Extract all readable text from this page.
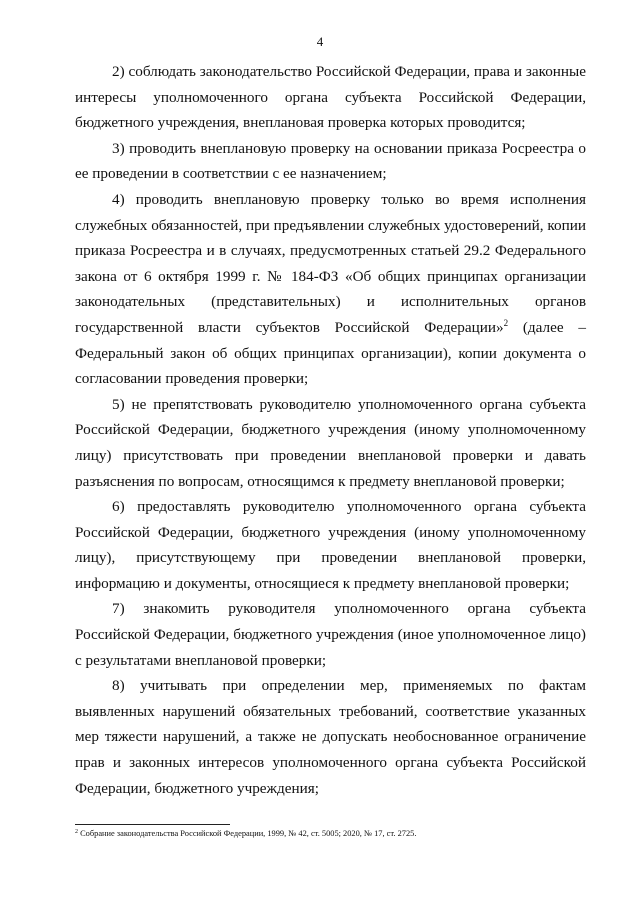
4

2) соблюдать законодательство Российской Федерации, права и законные интересы уполномоченного органа субъекта Российской Федерации, бюджетного учреждения, внеплановая проверка которых проводится;

3) проводить внеплановую проверку на основании приказа Росреестра о ее проведении в соответствии с ее назначением;

4) проводить внеплановую проверку только во время исполнения служебных обязанностей, при предъявлении служебных удостоверений, копии приказа Росреестра и в случаях, предусмотренных статьей 29.2 Федерального закона от 6 октября 1999 г. № 184-ФЗ «Об общих принципах организации законодательных (представительных) и исполнительных органов государственной власти субъектов Российской Федерации»$^2$ (далее – Федеральный закон об общих принципах организации), копии документа о согласовании проведения проверки;

5) не препятствовать руководителю уполномоченного органа субъекта Российской Федерации, бюджетного учреждения (иному уполномоченному лицу) присутствовать при проведении внеплановой проверки и давать разъяснения по вопросам, относящимся к предмету внеплановой проверки;

6) предоставлять руководителю уполномоченного органа субъекта Российской Федерации, бюджетного учреждения (иному уполномоченному лицу), присутствующему при проведении внеплановой проверки, информацию и документы, относящиеся к предмету внеплановой проверки;

7) знакомить руководителя уполномоченного органа субъекта Российской Федерации, бюджетного учреждения (иное уполномоченное лицо) с результатами внеплановой проверки;

8) учитывать при определении мер, применяемых по фактам выявленных нарушений обязательных требований, соответствие указанных мер тяжести нарушений, а также не допускать необоснованное ограничение прав и законных интересов уполномоченного органа субъекта Российской Федерации, бюджетного учреждения;

$^2$ Собрание законодательства Российской Федерации, 1999, № 42, ст. 5005; 2020, № 17, ст. 2725.
